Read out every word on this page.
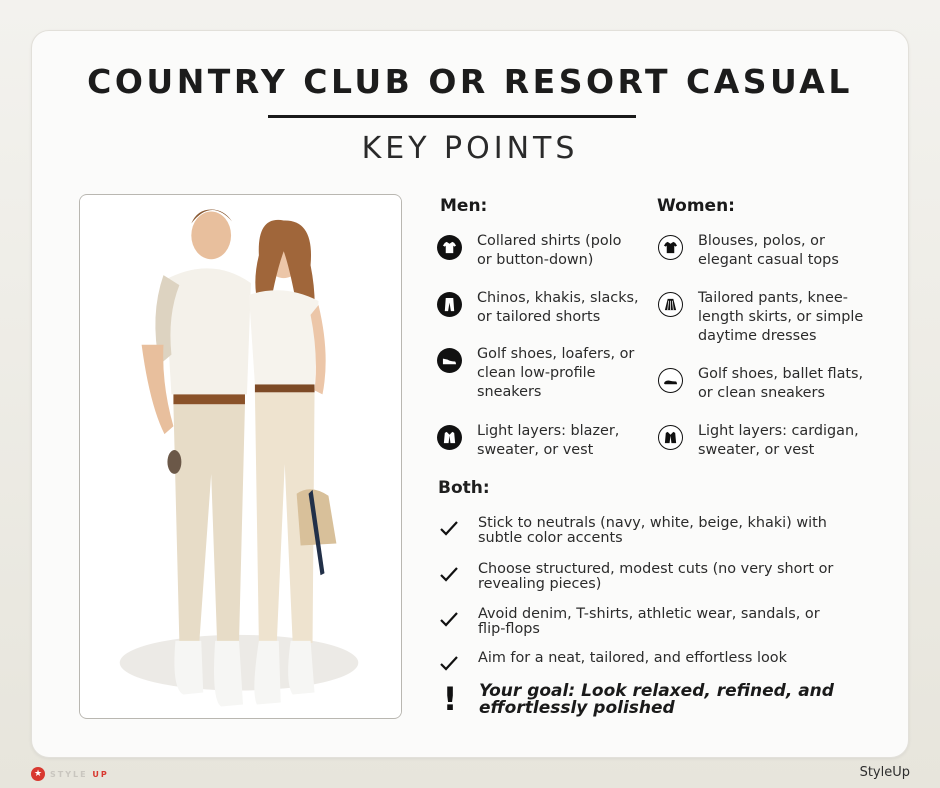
COUNTRY CLUB OR RESORT CASUAL
KEY POINTS
Men:
Collared shirts (polo or button-down)
Chinos, khakis, slacks, or tailored shorts
Golf shoes, loafers, or clean low-profile sneakers
Light layers: blazer, sweater, or vest
Women:
Blouses, polos, or elegant casual tops
Tailored pants, knee-length skirts, or simple daytime dresses
Golf shoes, ballet flats, or clean sneakers
Light layers: cardigan, sweater, or vest
Both:
Stick to neutrals (navy, white, beige, khaki) with subtle color accents
Choose structured, modest cuts (no very short or revealing pieces)
Avoid denim, T-shirts, athletic wear, sandals, or flip-flops
Aim for a neat, tailored, and effortless look
! Your goal: Look relaxed, refined, and effortlessly polished
★ STYLE UP	StyleUp
